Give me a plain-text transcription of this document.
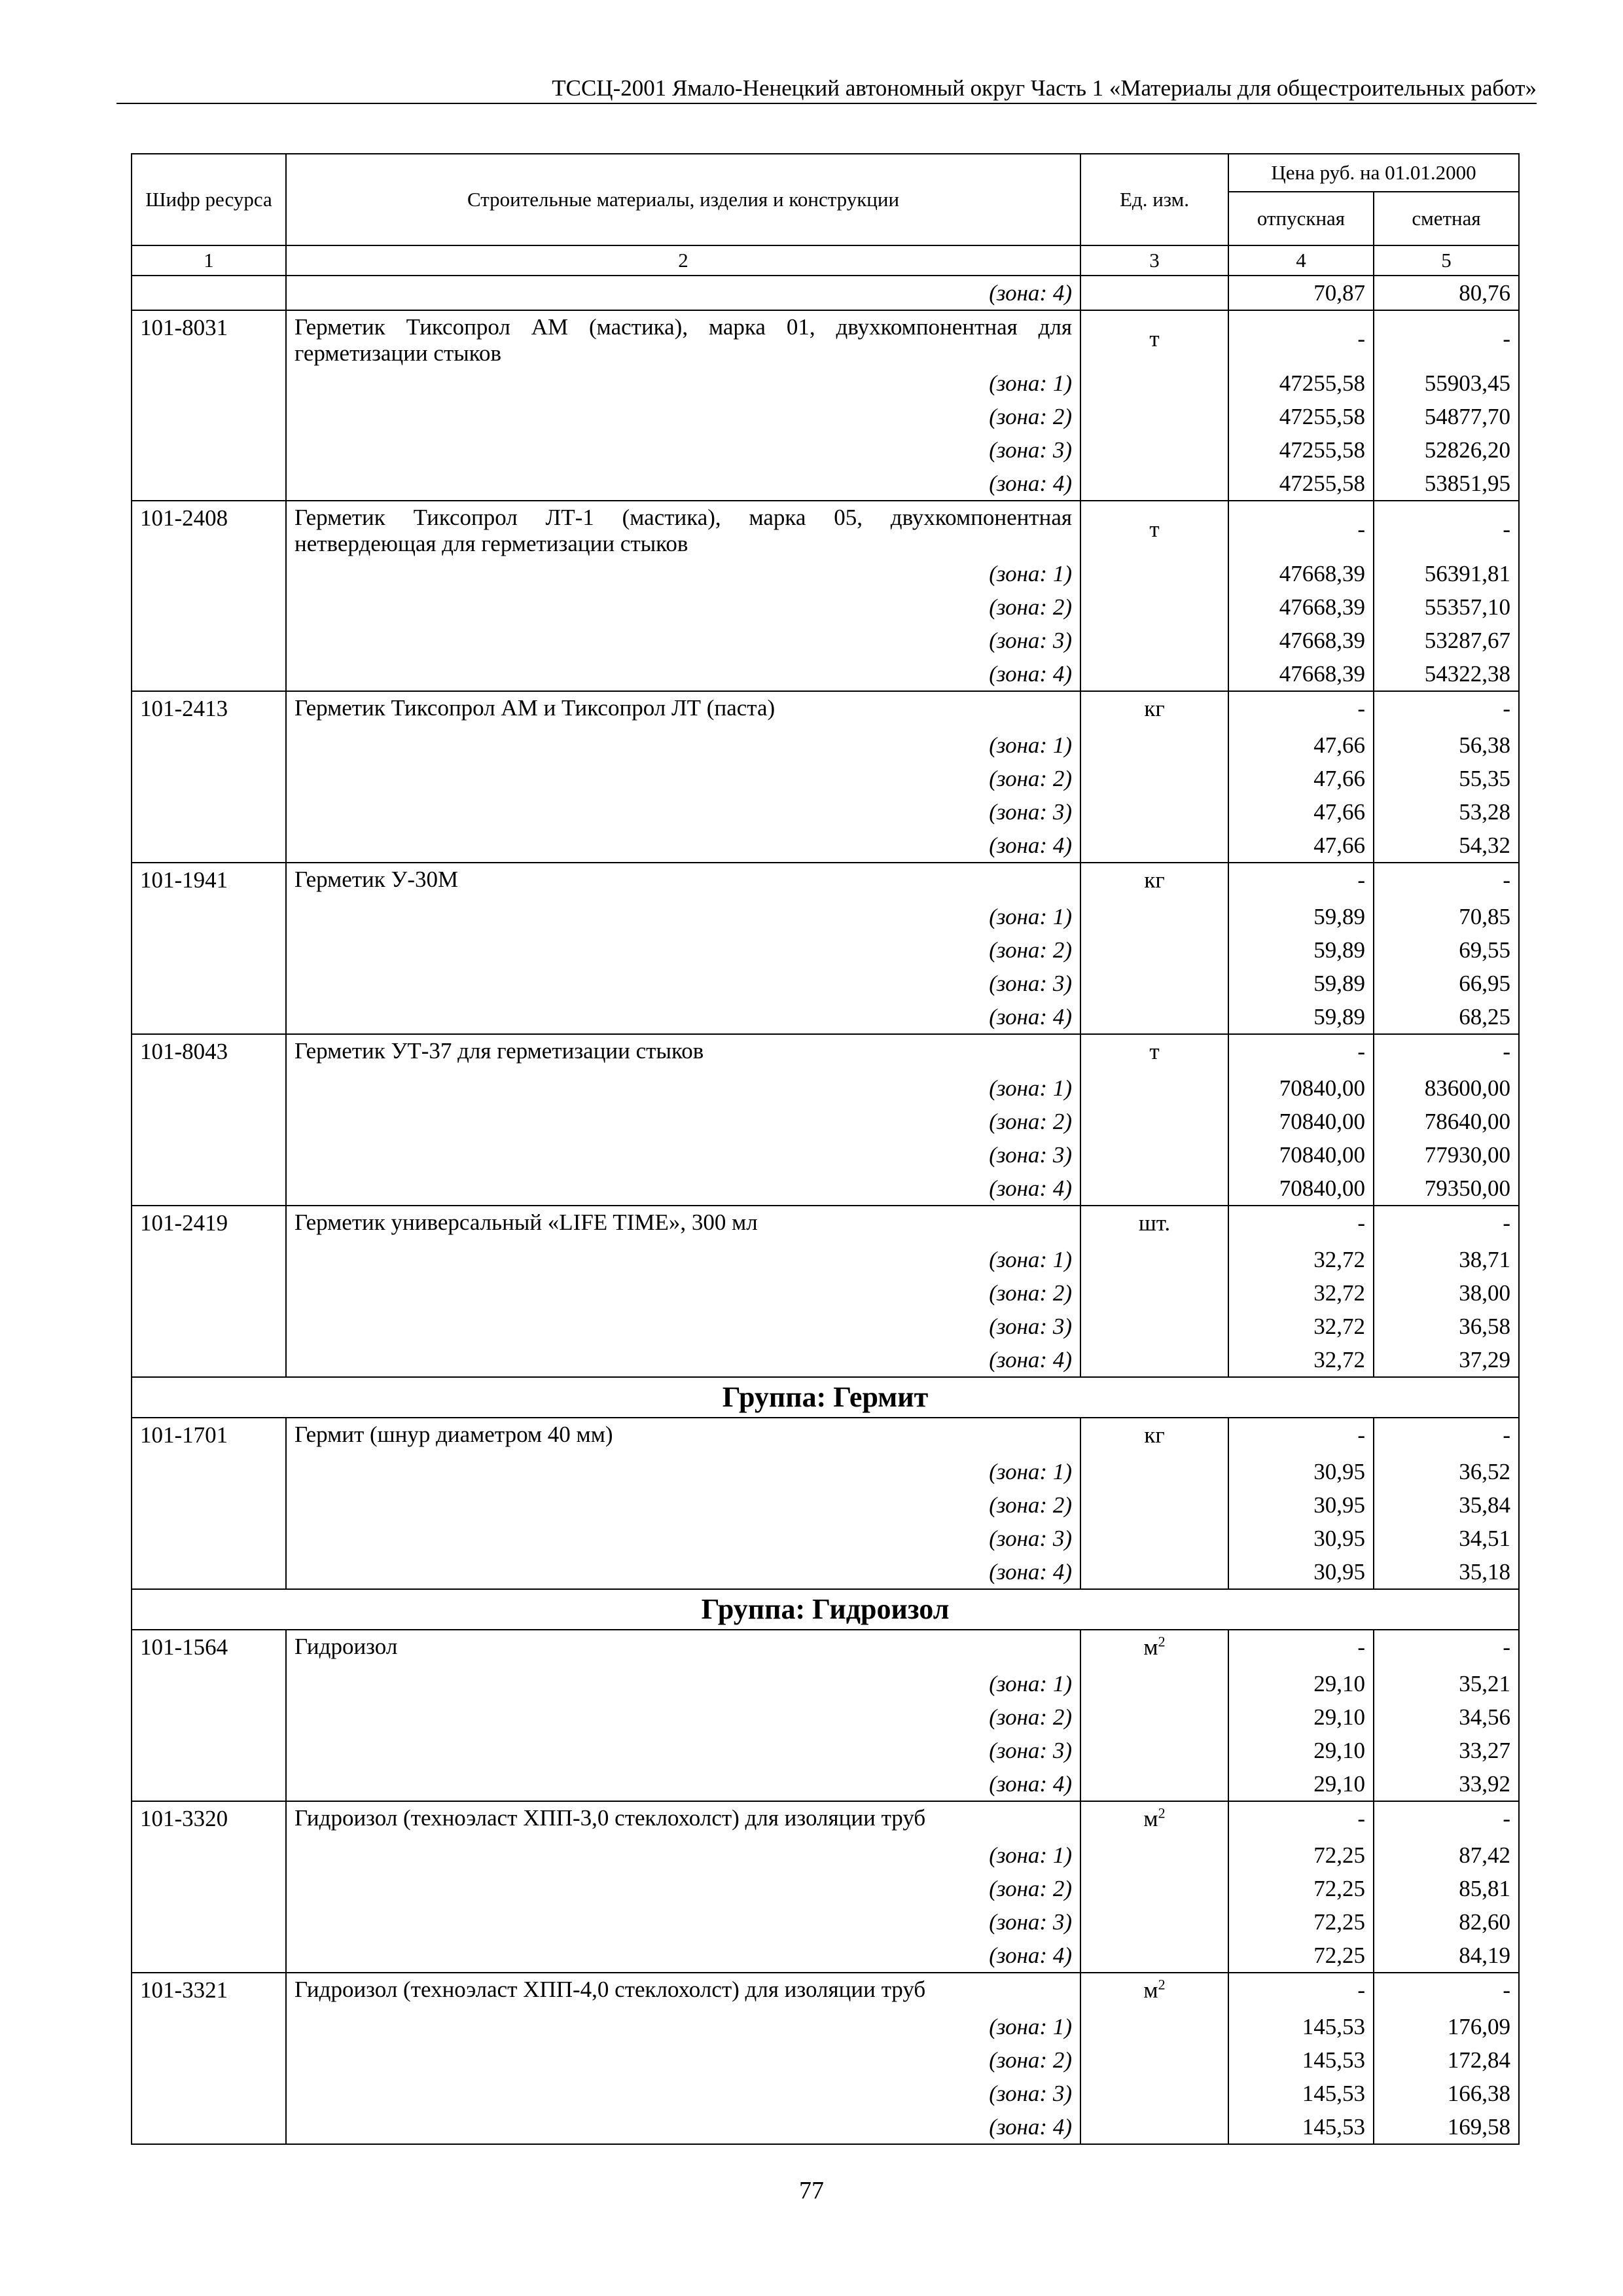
ТССЦ-2001 Ямало-Ненецкий автономный округ Часть 1 «Материалы для общестроительных работ»
Шифр ресурса	Строительные материалы, изделия и конструкции	Ед. изм.	Цена руб. на 01.01.2000	
			отпускная	сметная
1	2	3	4	5
	(зона: 4)		70,87	80,76
101-8031	Герметик Тиксопрол АМ (мастика), марка 01, двухкомпонентная для герметизации стыков	т	-	-
	(зона: 1)		47255,58	55903,45
	(зона: 2)		47255,58	54877,70
	(зона: 3)		47255,58	52826,20
	(зона: 4)		47255,58	53851,95
101-2408	Герметик Тиксопрол ЛТ-1 (мастика), марка 05, двухкомпонентная нетвердеющая для герметизации стыков	т	-	-
	(зона: 1)		47668,39	56391,81
	(зона: 2)		47668,39	55357,10
	(зона: 3)		47668,39	53287,67
	(зона: 4)		47668,39	54322,38
101-2413	Герметик Тиксопрол АМ и Тиксопрол ЛТ (паста)	кг	-	-
	(зона: 1)		47,66	56,38
	(зона: 2)		47,66	55,35
	(зона: 3)		47,66	53,28
	(зона: 4)		47,66	54,32
101-1941	Герметик У-30М	кг	-	-
	(зона: 1)		59,89	70,85
	(зона: 2)		59,89	69,55
	(зона: 3)		59,89	66,95
	(зона: 4)		59,89	68,25
101-8043	Герметик УТ-37 для герметизации стыков	т	-	-
	(зона: 1)		70840,00	83600,00
	(зона: 2)		70840,00	78640,00
	(зона: 3)		70840,00	77930,00
	(зона: 4)		70840,00	79350,00
101-2419	Герметик универсальный «LIFE TIME», 300 мл	шт.	-	-
	(зона: 1)		32,72	38,71
	(зона: 2)		32,72	38,00
	(зона: 3)		32,72	36,58
	(зона: 4)		32,72	37,29
Группа: Гермит				
101-1701	Гермит (шнур диаметром 40 мм)	кг	-	-
	(зона: 1)		30,95	36,52
	(зона: 2)		30,95	35,84
	(зона: 3)		30,95	34,51
	(зона: 4)		30,95	35,18
Группа: Гидроизол				
101-1564	Гидроизол	$м^2$	-	-
	(зона: 1)		29,10	35,21
	(зона: 2)		29,10	34,56
	(зона: 3)		29,10	33,27
	(зона: 4)		29,10	33,92
101-3320	Гидроизол (техноэласт ХПП-3,0 стеклохолст) для изоляции труб	$м^2$	-	-
	(зона: 1)		72,25	87,42
	(зона: 2)		72,25	85,81
	(зона: 3)		72,25	82,60
	(зона: 4)		72,25	84,19
101-3321	Гидроизол (техноэласт ХПП-4,0 стеклохолст) для изоляции труб	$м^2$	-	-
	(зона: 1)		145,53	176,09
	(зона: 2)		145,53	172,84
	(зона: 3)		145,53	166,38
	(зона: 4)		145,53	169,58
77
